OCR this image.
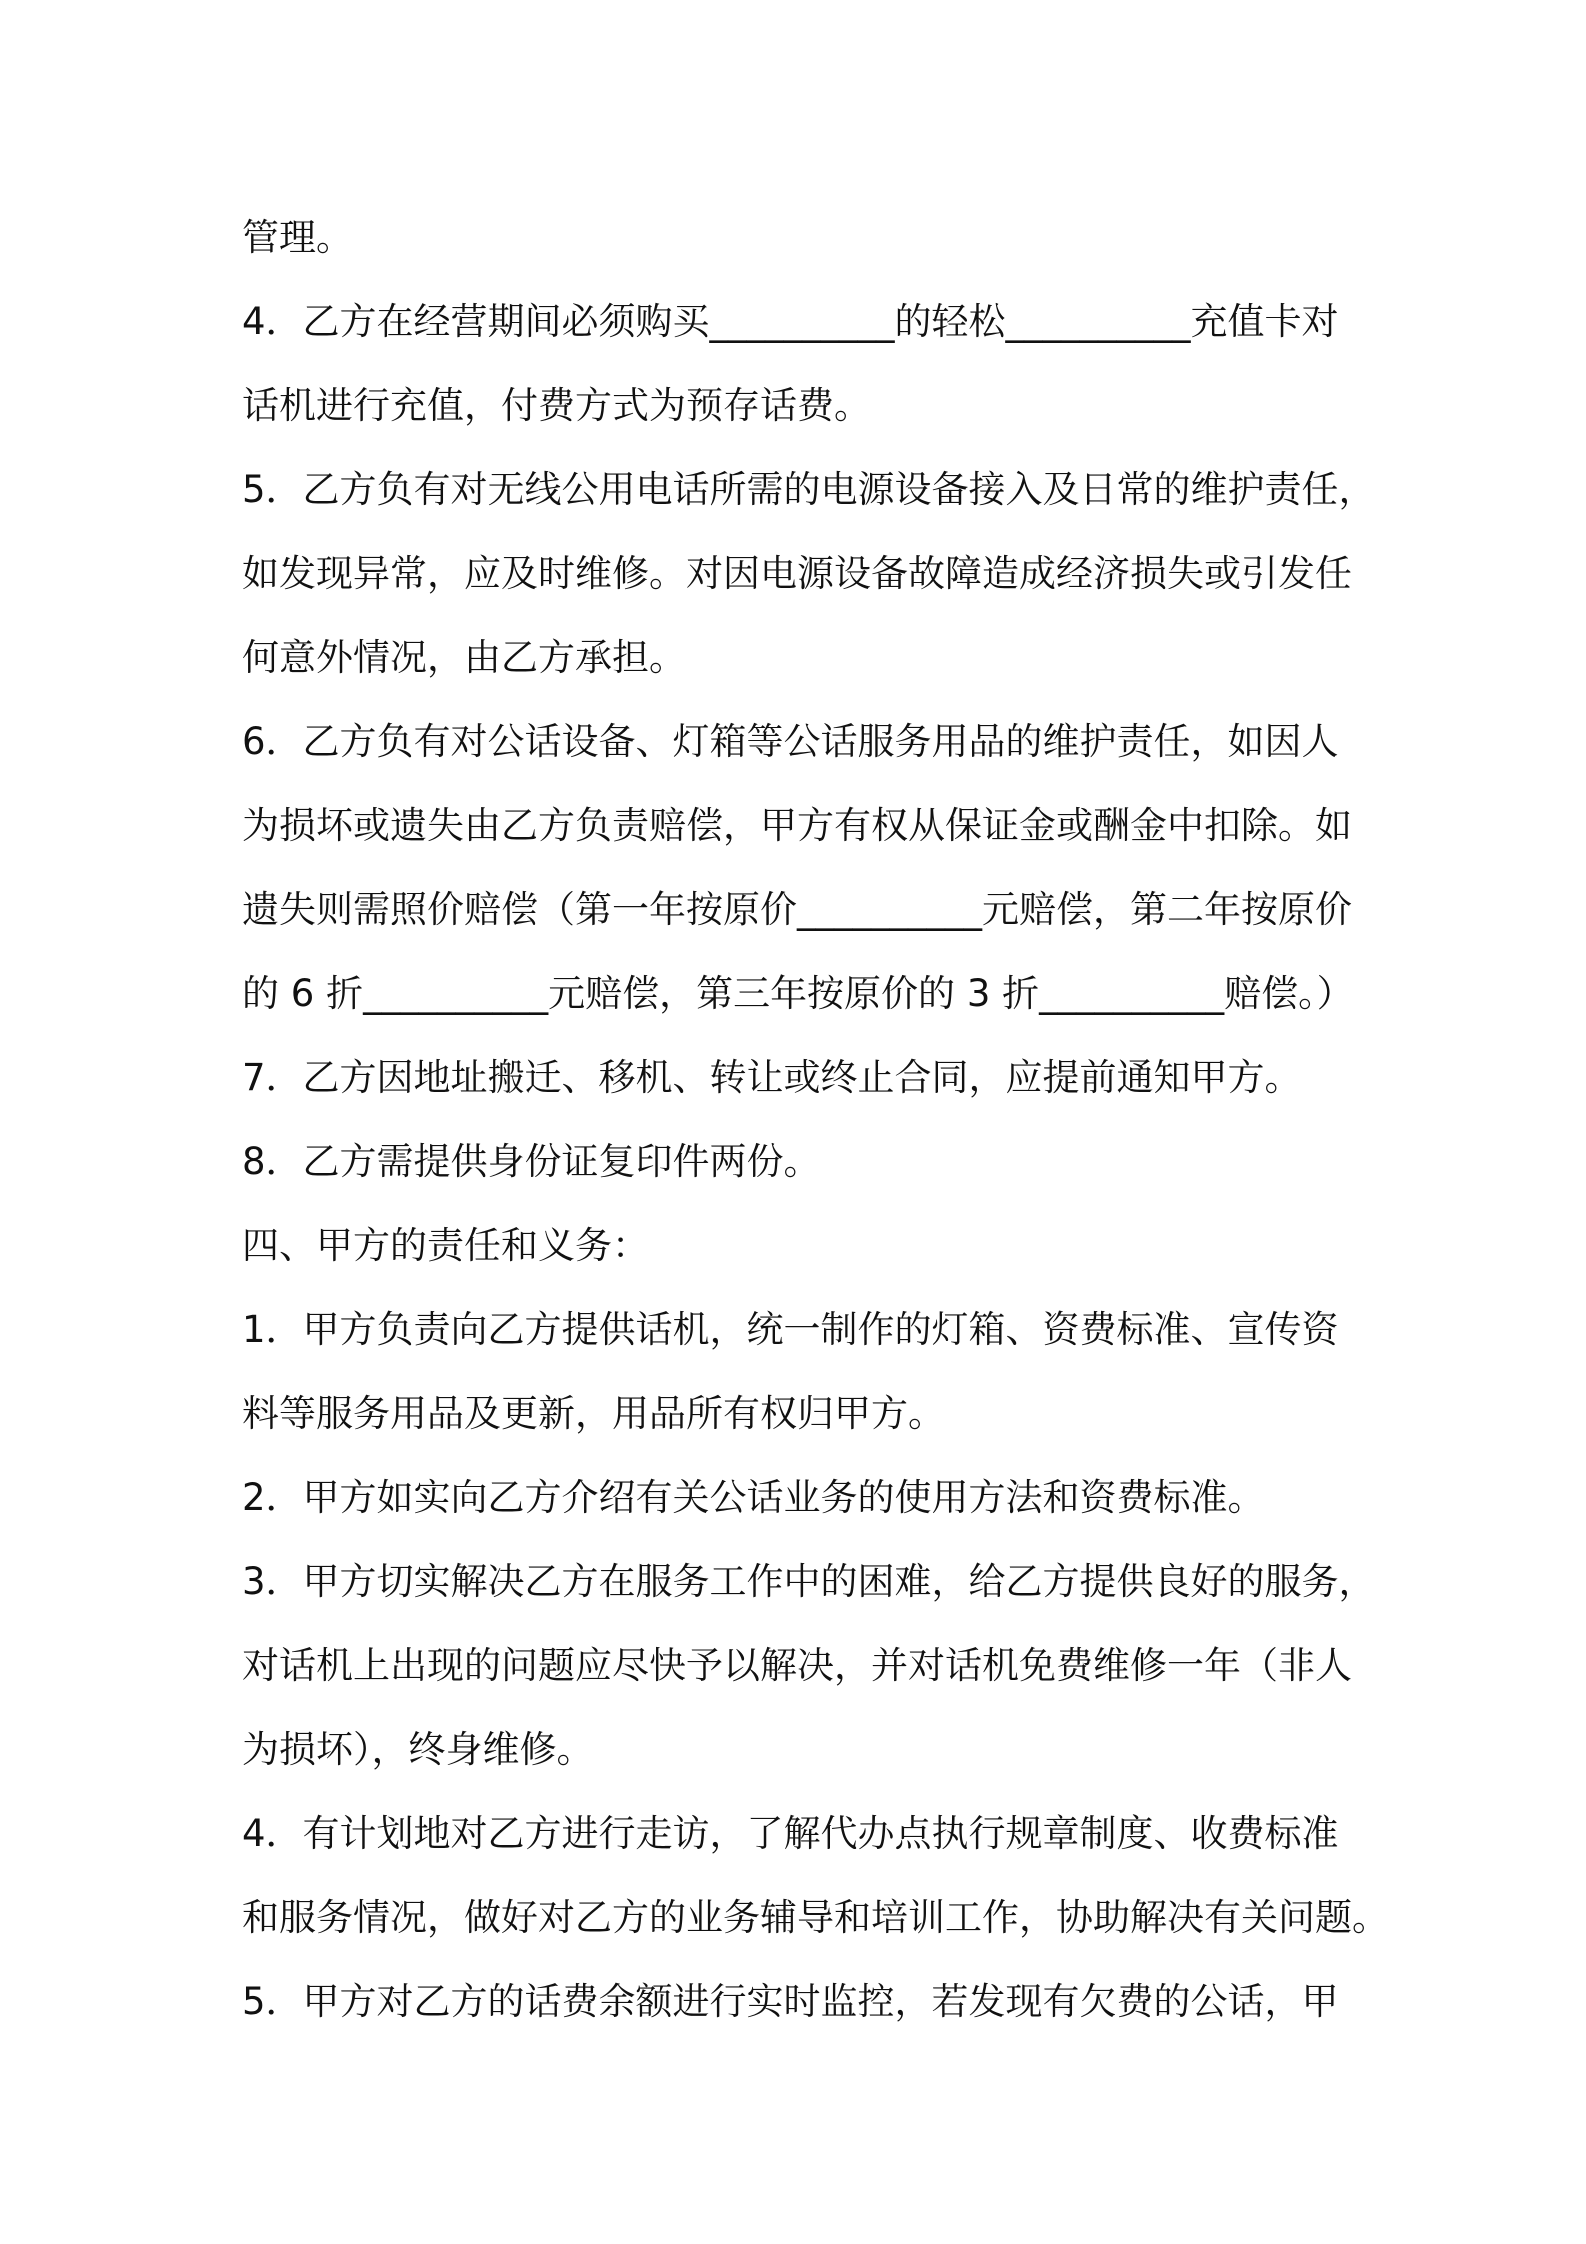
管理。
4．乙方在经营期间必须购买__________的轻松__________充值卡对
话机进行充值，付费方式为预存话费。
5．乙方负有对无线公用电话所需的电源设备接入及日常的维护责任，
如发现异常，应及时维修。对因电源设备故障造成经济损失或引发任
何意外情况，由乙方承担。
6．乙方负有对公话设备、灯箱等公话服务用品的维护责任，如因人
为损坏或遗失由乙方负责赔偿，甲方有权从保证金或酬金中扣除。如
遗失则需照价赔偿（第一年按原价__________元赔偿，第二年按原价
的 6 折__________元赔偿，第三年按原价的 3 折__________赔偿。）
7．乙方因地址搬迁、移机、转让或终止合同，应提前通知甲方。
8．乙方需提供身份证复印件两份。
四、甲方的责任和义务：
1．甲方负责向乙方提供话机，统一制作的灯箱、资费标准、宣传资
料等服务用品及更新，用品所有权归甲方。
2．甲方如实向乙方介绍有关公话业务的使用方法和资费标准。
3．甲方切实解决乙方在服务工作中的困难，给乙方提供良好的服务，
对话机上出现的问题应尽快予以解决，并对话机免费维修一年（非人
为损坏），终身维修。
4．有计划地对乙方进行走访，了解代办点执行规章制度、收费标准
和服务情况，做好对乙方的业务辅导和培训工作，协助解决有关问题。
5．甲方对乙方的话费余额进行实时监控，若发现有欠费的公话，甲
